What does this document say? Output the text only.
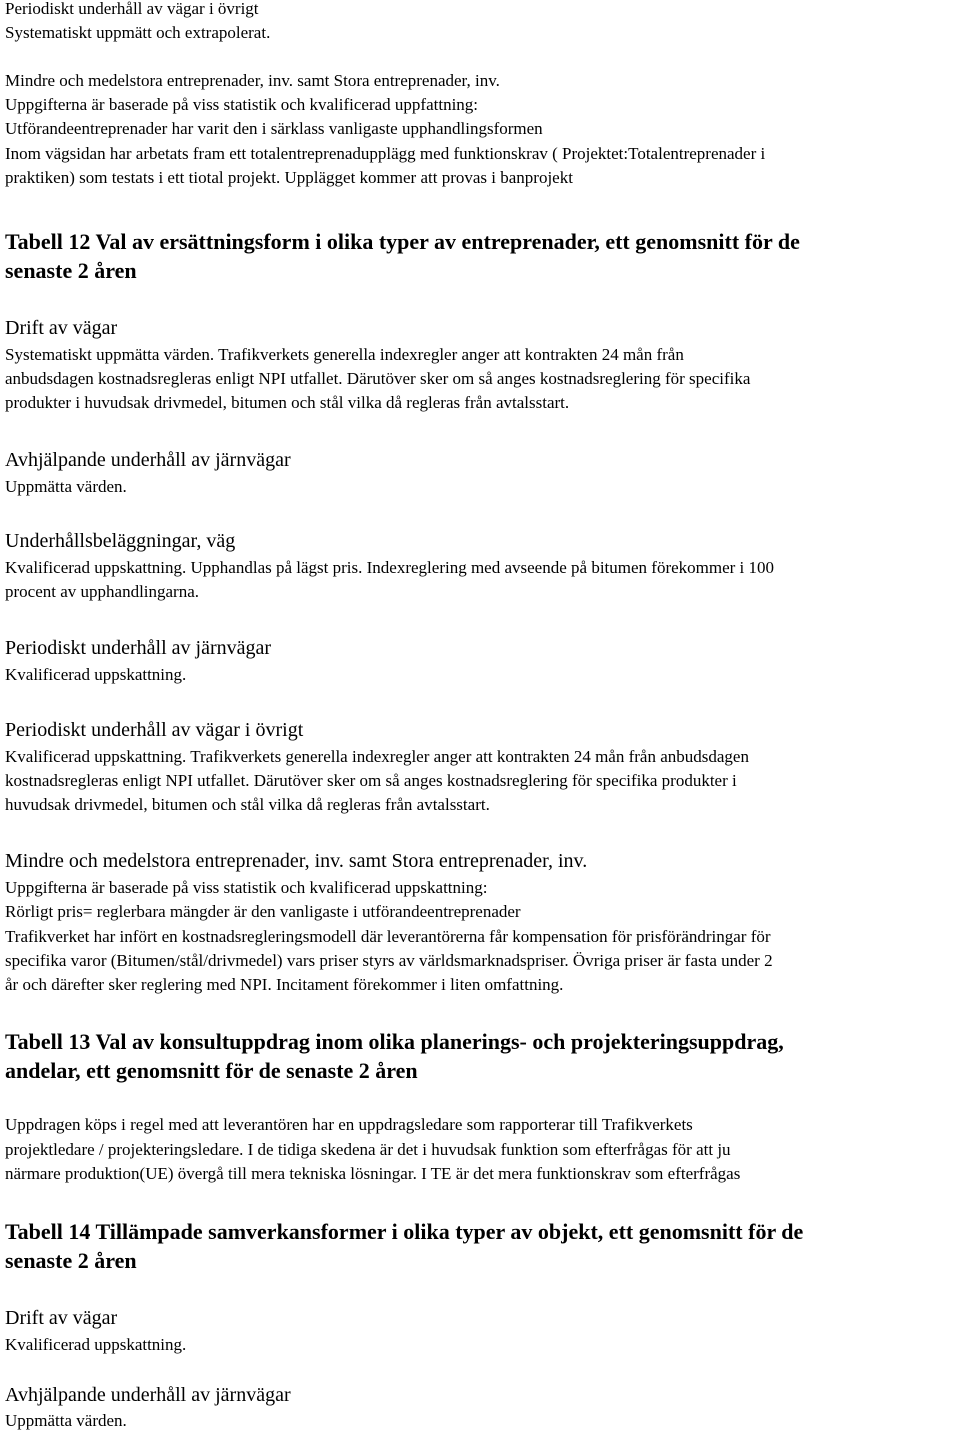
Periodiskt underhåll av vägar i övrigt
Systematiskt uppmätt och extrapolerat.
Mindre och medelstora entreprenader, inv. samt Stora entreprenader, inv.
Uppgifterna är baserade på viss statistik och kvalificerad uppfattning:
Utförandeentreprenader har varit den i särklass vanligaste upphandlingsformen
Inom vägsidan har arbetats fram ett totalentreprenadupplägg med funktionskrav ( Projektet:Totalentreprenader i
praktiken) som testats i ett tiotal projekt. Upplägget kommer att provas i banprojekt
Tabell 12 Val av ersättningsform i olika typer av entreprenader, ett genomsnitt för de
senaste 2 åren
Drift av vägar
Systematiskt uppmätta värden. Trafikverkets generella indexregler anger att kontrakten 24 mån från
anbudsdagen kostnadsregleras enligt NPI utfallet. Därutöver sker om så anges kostnadsreglering för specifika
produkter i huvudsak drivmedel, bitumen och stål vilka då regleras från avtalsstart.
Avhjälpande underhåll av järnvägar
Uppmätta värden.
Underhållsbeläggningar, väg
Kvalificerad uppskattning. Upphandlas på lägst pris. Indexreglering med avseende på bitumen förekommer i 100
procent av upphandlingarna.
Periodiskt underhåll av järnvägar
Kvalificerad uppskattning.
Periodiskt underhåll av vägar i övrigt
Kvalificerad uppskattning. Trafikverkets generella indexregler anger att kontrakten 24 mån från anbudsdagen
kostnadsregleras enligt NPI utfallet. Därutöver sker om så anges kostnadsreglering för specifika produkter i
huvudsak drivmedel, bitumen och stål vilka då regleras från avtalsstart.
Mindre och medelstora entreprenader, inv. samt Stora entreprenader, inv.
Uppgifterna är baserade på viss statistik och kvalificerad uppskattning:
Rörligt pris= reglerbara mängder är den vanligaste i utförandeentreprenader
Trafikverket har infört en kostnadsregleringsmodell där leverantörerna får kompensation för prisförändringar för
specifika varor (Bitumen/stål/drivmedel) vars priser styrs av världsmarknadspriser. Övriga priser är fasta under 2
år och därefter sker reglering med NPI. Incitament förekommer i liten omfattning.
Tabell 13 Val av konsultuppdrag inom olika planerings- och projekteringsuppdrag,
andelar, ett genomsnitt för de senaste 2 åren
Uppdragen köps i regel med att leverantören har en uppdragsledare som rapporterar till Trafikverkets
projektledare / projekteringsledare. I de tidiga skedena är det i huvudsak funktion som efterfrågas för att ju
närmare produktion(UE) övergå till mera tekniska lösningar. I TE är det mera funktionskrav som efterfrågas
Tabell 14 Tillämpade samverkansformer i olika typer av objekt, ett genomsnitt för de
senaste 2 åren
Drift av vägar
Kvalificerad uppskattning.
Avhjälpande underhåll av järnvägar
Uppmätta värden.
